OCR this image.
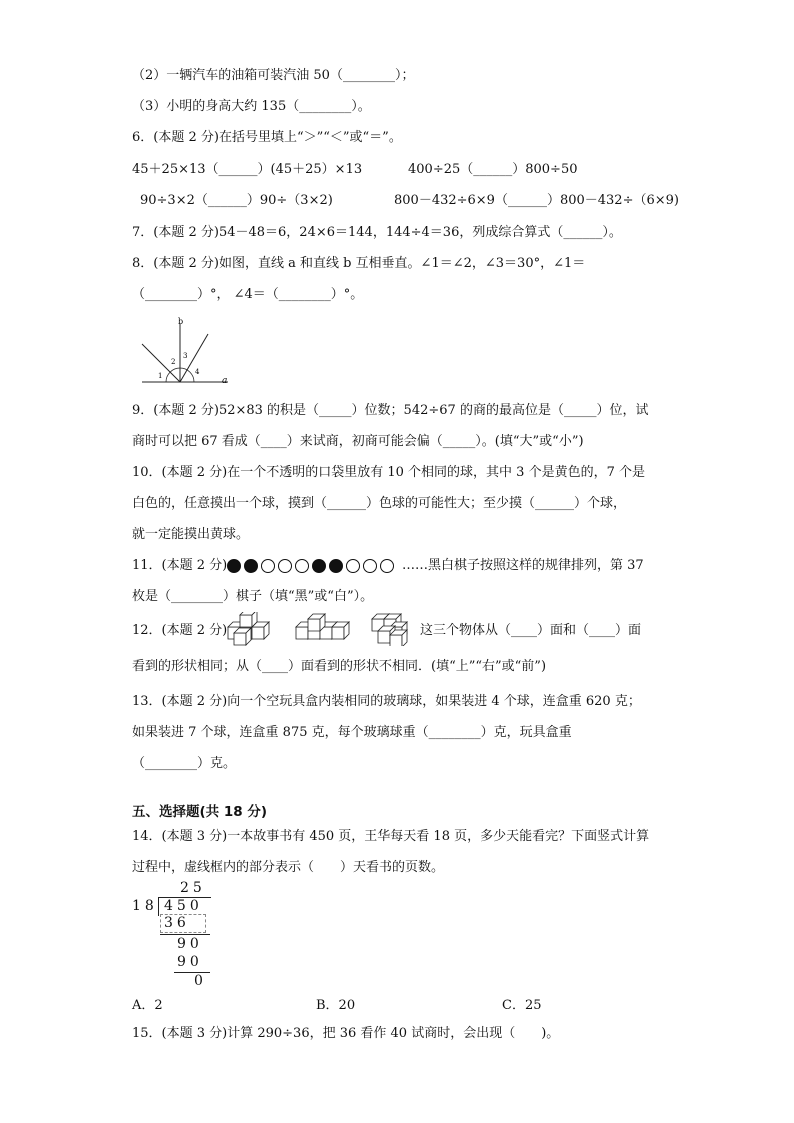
（2）一辆汽车的油箱可装汽油 50（________）；
（3）小明的身高大约 135（________）。
6．(本题 2 分)在括号里填上“＞”“＜”或“＝”。
45＋25×13（______）(45＋25）×13	400÷25（______）800÷50
90÷3×2（______）90÷（3×2)	800－432÷6×9（______）800－432÷（6×9)
7．(本题 2 分)54－48＝6，24×6＝144，144÷4＝36，列成综合算式（______）。
8．(本题 2 分)如图，直线 a 和直线 b 互相垂直。∠1＝∠2，∠3＝30°，∠1＝
（________）°， ∠4＝（________）°。
b
a
1
2
3
4
9．(本题 2 分)52×83 的积是（_____）位数；542÷67 的商的最高位是（_____）位，试
商时可以把 67 看成（____）来试商，初商可能会偏（_____）。(填“大”或“小”)
10．(本题 2 分)在一个不透明的口袋里放有 10 个相同的球，其中 3 个是黄色的，7 个是
白色的，任意摸出一个球，摸到（______）色球的可能性大；至少摸（______）个球，
就一定能摸出黄球。
11．(本题 2 分)	……黑白棋子按照这样的规律排列，第 37
枚是（________）棋子（填“黑”或“白”）。
12．(本题 2 分)	这三个物体从（____）面和（____）面
看到的形状相同；从（____）面看到的形状不相同．(填“上”“右”或“前”)
13．(本题 2 分)向一个空玩具盒内装相同的玻璃球，如果装进 4 个球，连盒重 620 克；
如果装进 7 个球，连盒重 875 克，每个玻璃球重（________）克，玩具盒重
（________）克。
五、选择题(共 18 分)
14．(本题 3 分)一本故事书有 450 页，王华每天看 18 页，多少天能看完？下面竖式计算
过程中，虚线框内的部分表示（　　）天看书的页数。
25
18 450
36
90
90
0
A．2	B．20	C．25
15．(本题 3 分)计算 290÷36，把 36 看作 40 试商时，会出现（　　)。
